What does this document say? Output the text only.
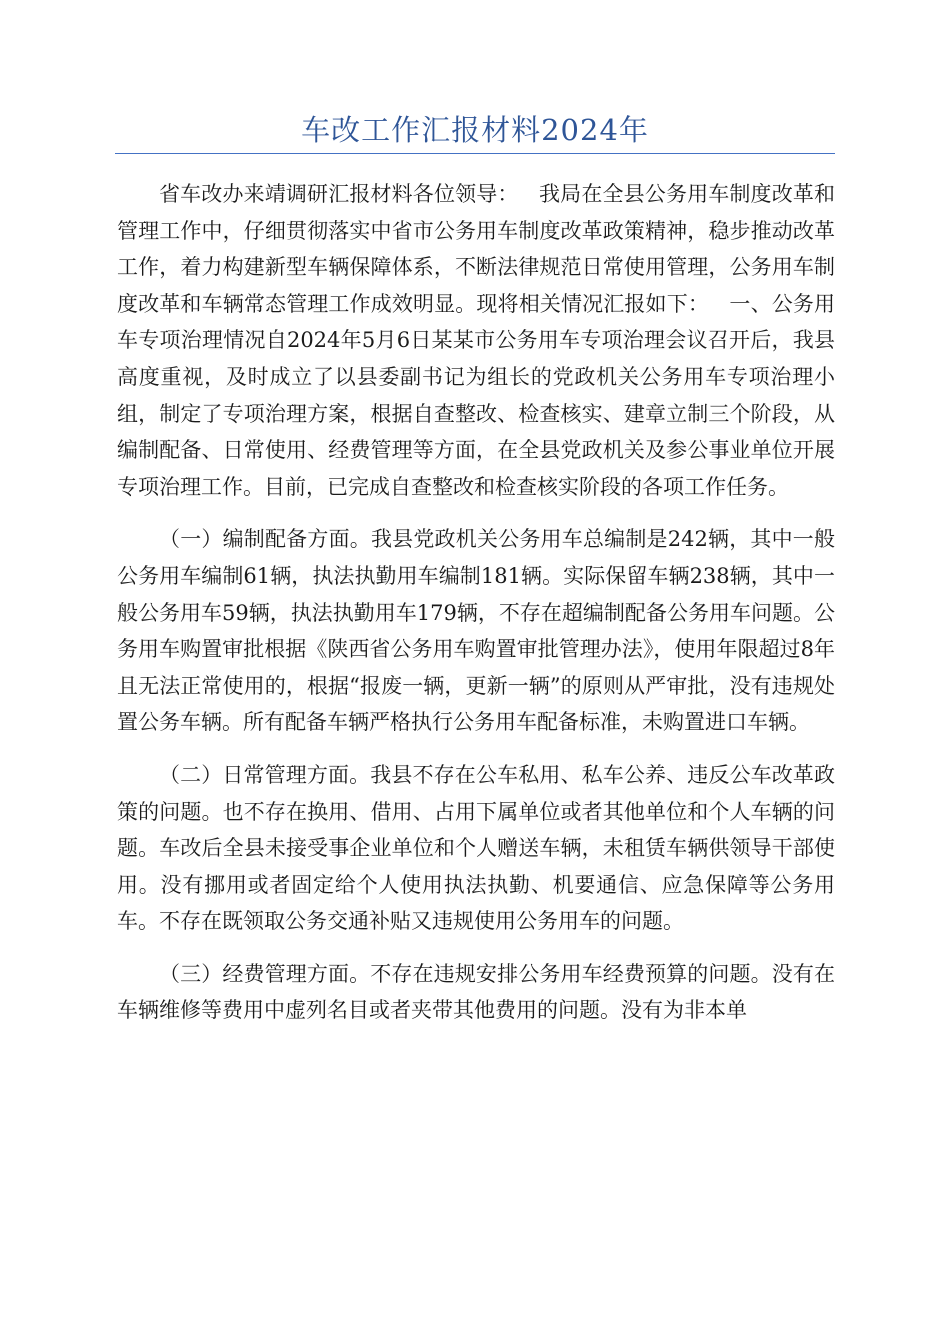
车改工作汇报材料2024年

省车改办来靖调研汇报材料各位领导：   我局在全县公务用车制度改革和管理工作中，仔细贯彻落实中省市公务用车制度改革政策精神，稳步推动改革工作，着力构建新型车辆保障体系，不断法律规范日常使用管理，公务用车制度改革和车辆常态管理工作成效明显。现将相关情况汇报如下：   一、公务用车专项治理情况自2024年5月6日某某市公务用车专项治理会议召开后，我县高度重视，及时成立了以县委副书记为组长的党政机关公务用车专项治理小组，制定了专项治理方案，根据自查整改、检查核实、建章立制三个阶段，从编制配备、日常使用、经费管理等方面，在全县党政机关及参公事业单位开展专项治理工作。目前，已完成自查整改和检查核实阶段的各项工作任务。

（一）编制配备方面。我县党政机关公务用车总编制是242辆，其中一般公务用车编制61辆，执法执勤用车编制181辆。实际保留车辆238辆，其中一般公务用车59辆，执法执勤用车179辆，不存在超编制配备公务用车问题。公务用车购置审批根据《陕西省公务用车购置审批管理办法》，使用年限超过8年且无法正常使用的，根据“报废一辆，更新一辆”的原则从严审批，没有违规处置公务车辆。所有配备车辆严格执行公务用车配备标准，未购置进口车辆。

（二）日常管理方面。我县不存在公车私用、私车公养、违反公车改革政策的问题。也不存在换用、借用、占用下属单位或者其他单位和个人车辆的问题。车改后全县未接受事企业单位和个人赠送车辆，未租赁车辆供领导干部使用。没有挪用或者固定给个人使用执法执勤、机要通信、应急保障等公务用车。不存在既领取公务交通补贴又违规使用公务用车的问题。

（三）经费管理方面。不存在违规安排公务用车经费预算的问题。没有在车辆维修等费用中虚列名目或者夹带其他费用的问题。没有为非本单
